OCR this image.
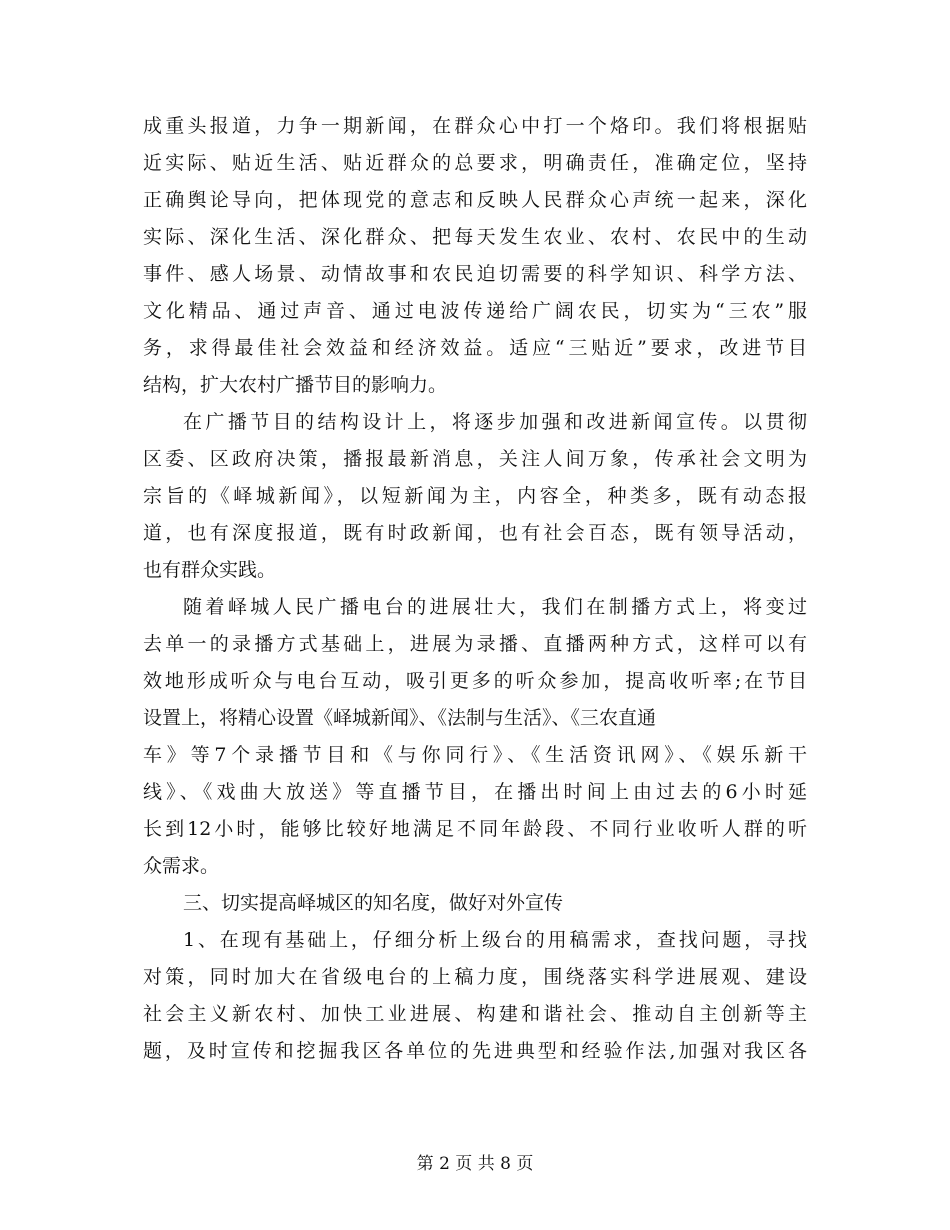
成重头报道，力争一期新闻，在群众心中打一个烙印。我们将根据贴
近实际、贴近生活、贴近群众的总要求，明确责任，准确定位，坚持
正确舆论导向，把体现党的意志和反映人民群众心声统一起来，深化
实际、深化生活、深化群众、把每天发生农业、农村、农民中的生动
事件、感人场景、动情故事和农民迫切需要的科学知识、科学方法、
文化精品、通过声音、通过电波传递给广阔农民，切实为“三农”服
务，求得最佳社会效益和经济效益。适应“三贴近”要求，改进节目
结构，扩大农村广播节目的影响力。
在广播节目的结构设计上，将逐步加强和改进新闻宣传。以贯彻
区委、区政府决策，播报最新消息，关注人间万象，传承社会文明为
宗旨的《峄城新闻》，以短新闻为主，内容全，种类多，既有动态报
道，也有深度报道，既有时政新闻，也有社会百态，既有领导活动，
也有群众实践。
随着峄城人民广播电台的进展壮大，我们在制播方式上，将变过
去单一的录播方式基础上，进展为录播、直播两种方式，这样可以有
效地形成听众与电台互动，吸引更多的听众参加，提高收听率;在节目
设置上，将精心设置《峄城新闻》、《法制与生活》、《三农直通
车》等7个录播节目和《与你同行》、《生活资讯网》、《娱乐新干
线》、《戏曲大放送》等直播节目，在播出时间上由过去的6小时延
长到12小时，能够比较好地满足不同年龄段、不同行业收听人群的听
众需求。
三、切实提高峄城区的知名度，做好对外宣传
1、在现有基础上，仔细分析上级台的用稿需求，查找问题，寻找
对策，同时加大在省级电台的上稿力度，围绕落实科学进展观、建设
社会主义新农村、加快工业进展、构建和谐社会、推动自主创新等主
题，及时宣传和挖掘我区各单位的先进典型和经验作法,加强对我区各
第 2 页 共 8 页
